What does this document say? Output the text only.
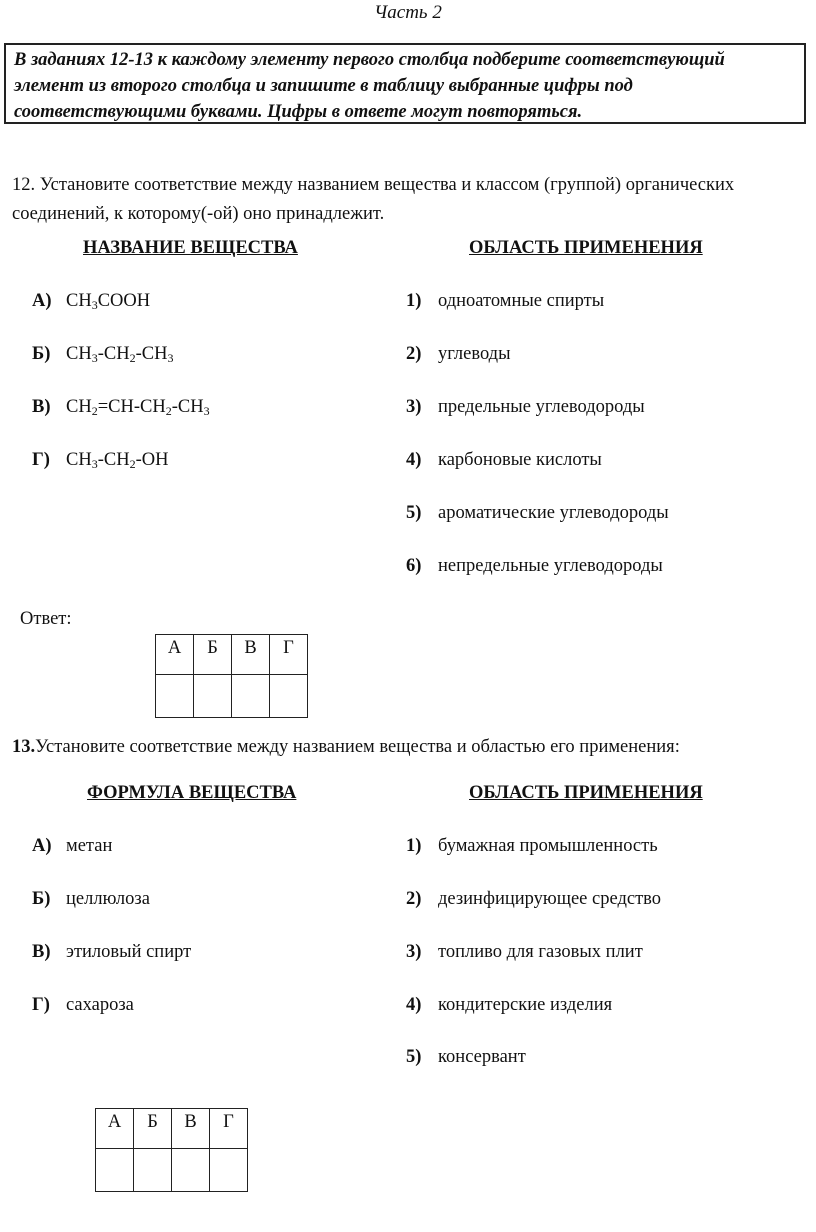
Часть 2
В заданиях 12-13 к каждому элементу первого столбца подберите соответствующий элемент из второго столбца и запишите в таблицу выбранные цифры под соответствующими буквами. Цифры в ответе могут повторяться.
12. Установите соответствие между названием вещества и классом (группой) органических соединений, к которому(-ой) оно принадлежит.
НАЗВАНИЕ ВЕЩЕСТВА	ОБЛАСТЬ ПРИМЕНЕНИЯ
А) $CH_3COOH$
Б) $CH_3-CH_2-CH_3$
В) $CH_2=CH-CH_2-CH_3$
Г) $CH_3-CH_2-OH$
1) одноатомные спирты
2) углеводы
3) предельные углеводороды
4) карбоновые кислоты
5) ароматические углеводороды
6) непредельные углеводороды
Ответ:
А	Б	В	Г

13.Установите соответствие между названием вещества и областью его применения:
ФОРМУЛА ВЕЩЕСТВА	ОБЛАСТЬ ПРИМЕНЕНИЯ
А) метан
Б) целлюлоза
В) этиловый спирт
Г) сахароза
1) бумажная промышленность
2) дезинфицирующее средство
3) топливо для газовых плит
4) кондитерские изделия
5) консервант
А	Б	В	Г
